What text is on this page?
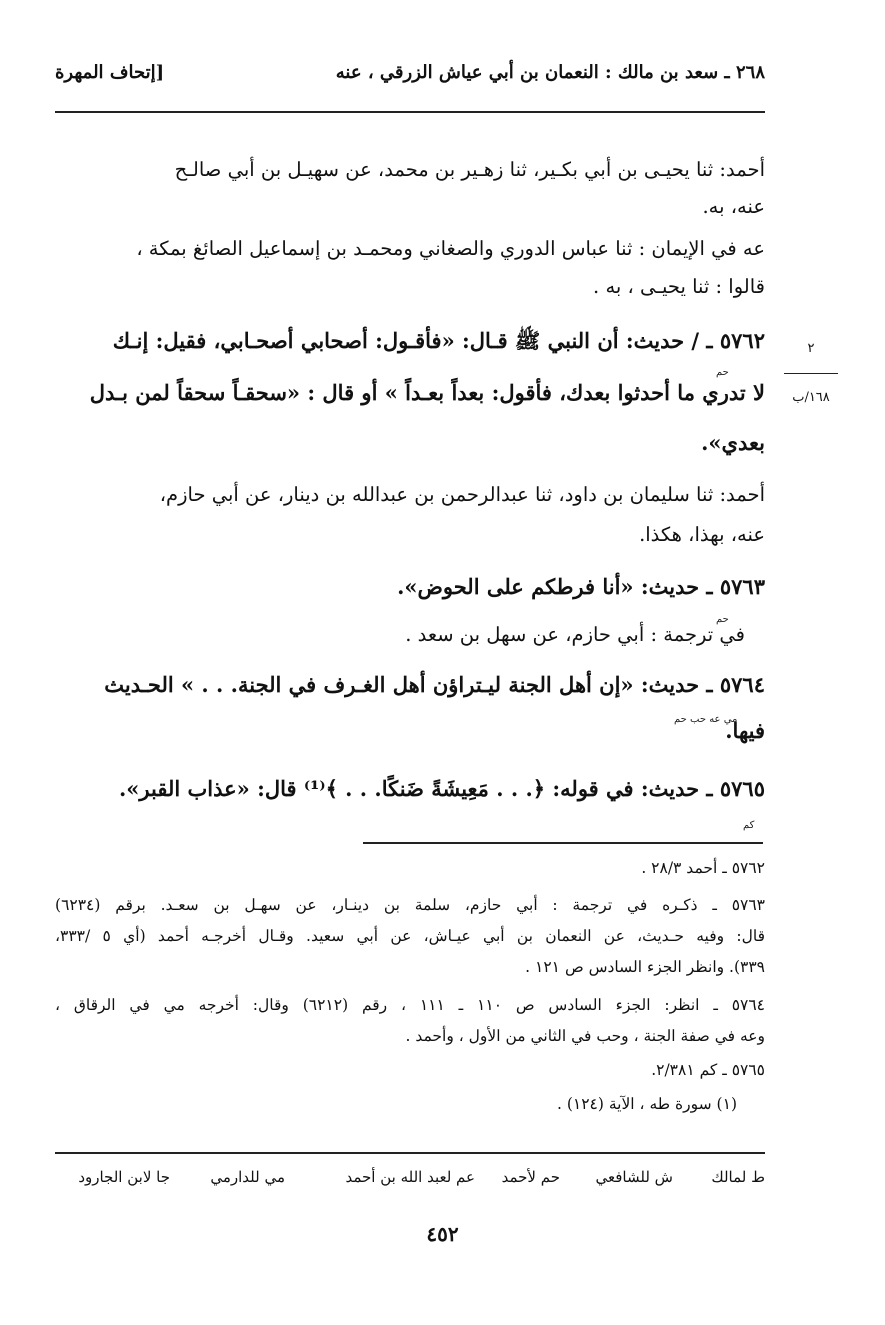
٢٦٨ ـ سعد بن مالك : النعمان بن أبي عياش الزرقي ، عنه
[إتحاف المهرة
أحمد: ثنا يحيـى بن أبي بكـير، ثنا زهـير بن محمد، عن سهيـل بن أبي صالـح
عنه، به.
عه في الإيمان : ثنا عباس الدوري والصغاني ومحمـد بن إسماعيل الصائغ بمكة ،
قالوا : ثنا يحيـى ، به .
٥٧٦٢ ـ / حديث: أن النبي ﷺ قـال: «فأقـول: أصحابي أصحـابي، فقيل: إنـك
حم
لا تدري ما أحدثوا بعدك، فأقول: بعداً بعـداً » أو قال : «سحقـاً سحقاً لمن بـدل
بعدي».
٢
١٦٨/ب
أحمد: ثنا سليمان بن داود، ثنا عبدالرحمن بن عبدالله بن دينار، عن أبي حازم،
عنه، بهذا، هكذا.
٥٧٦٣ ـ حديث: «أنا فرطكم على الحوض».
حم
في ترجمة : أبي حازم، عن سهل بن سعد .
٥٧٦٤ ـ حديث: «إن أهل الجنة ليـتراؤن أهل الغـرف في الجنة. . . » الحـديث
مي عه حب حم
فيها.
٥٧٦٥ ـ حديث: في قوله: ﴿. . . مَعِيشَةً ضَنكًا. . . ﴾⁽¹⁾ قال: «عذاب القبر».
كم
٥٧٦٢ ـ أحمد ٢٨/٣ .
٥٧٦٣ ـ ذكـره في ترجمة : أبي حازم، سلمة بن دينـار، عن سهـل بن سعـد. برقم (٦٢٣٤)
قال: وفيه حـديث، عن النعمان بن أبي عيـاش، عن أبي سعيد. وقـال أخرجـه أحمد (أي ٥ /٣٣٣،
٣٣٩). وانظر الجزء السادس ص ١٢١ .
٥٧٦٤ ـ انظر: الجزء السادس ص ١١٠ ـ ١١١ ، رقم (٦٢١٢) وقال: أخرجه مي في الرقاق ،
وعه في صفة الجنة ، وحب في الثاني من الأول ، وأحمد .
٥٧٦٥ ـ كم ٢/٣٨١.
(١) سورة طه ، الآية (١٢٤) .
ط لمالك
ش للشافعي
حم لأحمد
عم لعبد الله بن أحمد
مي للدارمي
جا لابن الجارود
٤٥٢
